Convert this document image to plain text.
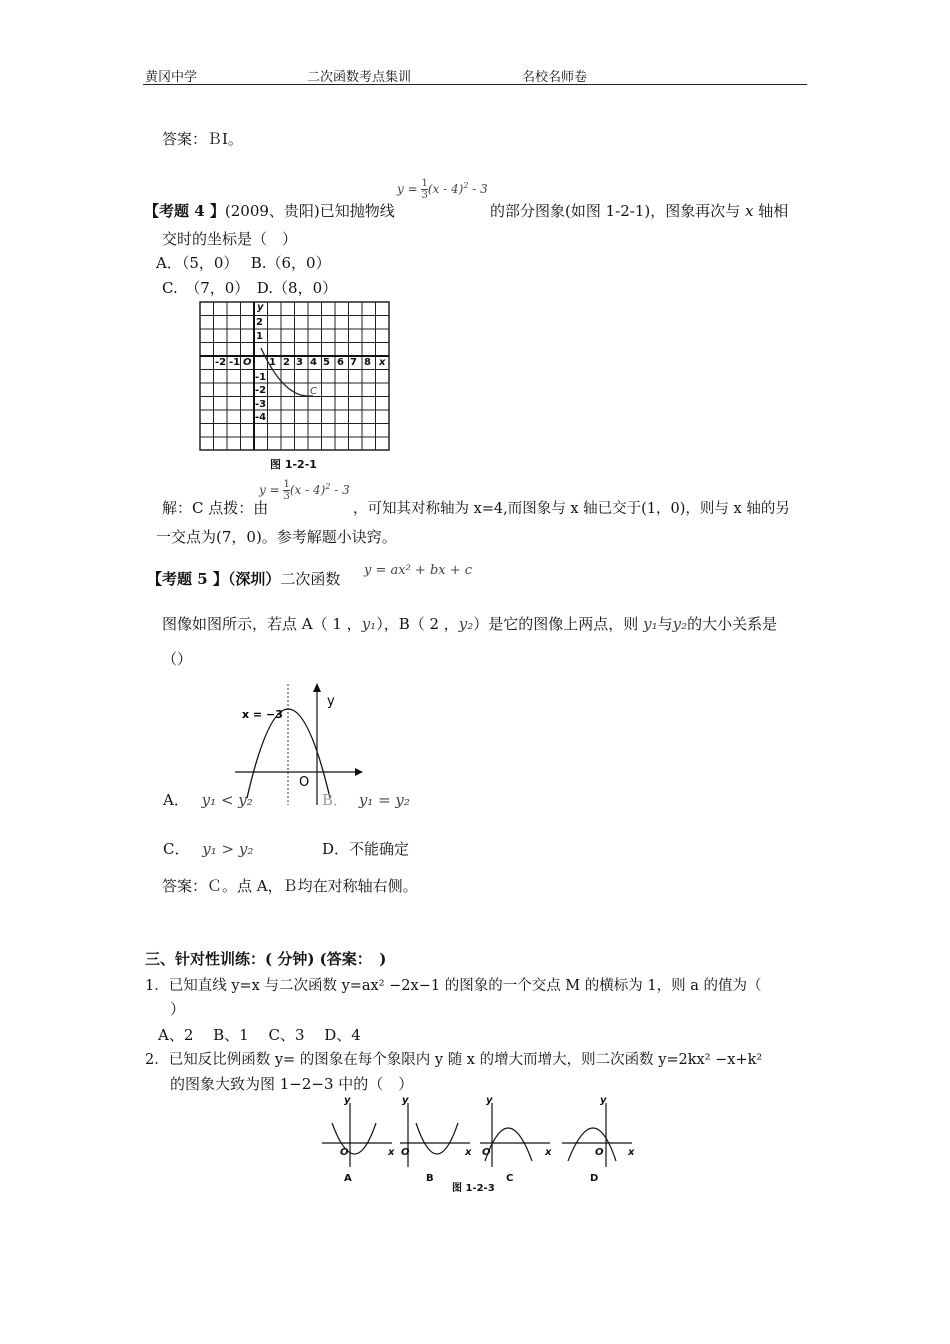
黄冈中学	二次函数考点集训	名校名师卷
答案：ＢⅠ。
【考题 4 】(2009、贵阳)已知抛物线
$y = \frac{1}{3} (x - 4)^2 - 3$
的部分图象(如图 1-2-1)，图象再次与 x 轴相
交时的坐标是（　）
A．（5，0）　 B.（6，0）
C.　（7，0）　D.（8，0）
-2 -1 O 1 2 3 4 5 6 7 8 x
y
2
1
-1
-2
-3
-4
C
图 1-2-1
解：C 点拨：由
$y = \frac{1}{3} (x - 4)^2 - 3$
，可知其对称轴为 x=4,而图象与 x 轴已交于(1，0)，则与 x 轴的另
一交点为(7，0)。参考解题小诀窍。
【考题 5 】（深圳）二次函数 y = ax² + bx + c
图像如图所示，若点 A（ 1 ，y₁），B（ 2 ，y₂）是它的图像上两点，则 y₁与y₂的大小关系是
（）
x = −3
O
y
A． y₁ < y₂	B． y₁ = y₂
C． y₁ > y₂	D．不能确定
答案：Ｃ。点 A，Ｂ均在对称轴右侧。
三、针对性训练：( 分钟) (答案：　)
1．已知直线 y=x 与二次函数 y=ax² −2x−1 的图象的一个交点 M 的横标为 1，则 a 的值为（
）
A、2　 B、1　 C、3　 D、4
2．已知反比例函数 y= 的图象在每个象限内 y 随 x 的增大而增大，则二次函数 y=2kx² −x+k²
的图象大致为图 1−2−3 中的（　）
y
O	x
y
O	x
y
O	x
y
O x
A	B	C	D
图 1-2-3
